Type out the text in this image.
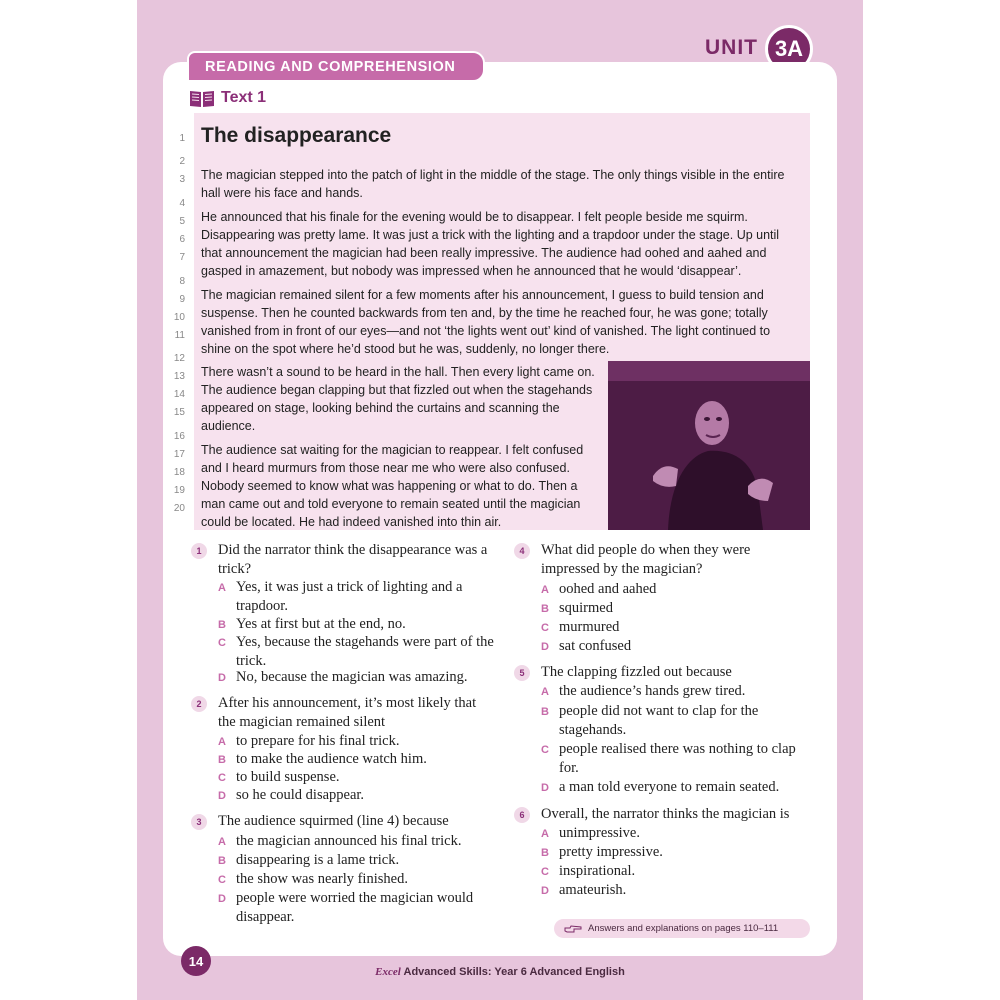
UNIT 3A
READING AND COMPREHENSION
Text 1
1
2
3
4
5
6
7
8
9
10
11
12
13
14
15
16
17
18
19
20
The disappearance

The magician stepped into the patch of light in the middle of the stage. The only things visible in the entire hall were his face and hands.

He announced that his finale for the evening would be to disappear. I felt people beside me squirm. Disappearing was pretty lame. It was just a trick with the lighting and a trapdoor under the stage. Up until that announcement the magician had been really impressive. The audience had oohed and aahed and gasped in amazement, but nobody was impressed when he announced that he would ‘disappear’.

The magician remained silent for a few moments after his announcement, I guess to build tension and suspense. Then he counted backwards from ten and, by the time he reached four, he was gone; totally vanished from in front of our eyes—and not ‘the lights went out’ kind of vanished. The light continued to shine on the spot where he’d stood but he was, suddenly, no longer there.

There wasn’t a sound to be heard in the hall. Then every light came on. The audience began clapping but that fizzled out when the stagehands appeared on stage, looking behind the curtains and scanning the audience.

The audience sat waiting for the magician to reappear. I felt confused and I heard murmurs from those near me who were also confused. Nobody seemed to know what was happening or what to do. Then a man came out and told everyone to remain seated until the magician could be located. He had indeed vanished into thin air.

1	Did the narrator think the disappearance was a trick?
A Yes, it was just a trick of lighting and a trapdoor.
B Yes at first but at the end, no.
C Yes, because the stagehands were part of the trick.
D No, because the magician was amazing.
2	After his announcement, it’s most likely that the magician remained silent
A to prepare for his final trick.
B to make the audience watch him.
C to build suspense.
D so he could disappear.
3	The audience squirmed (line 4) because
A the magician announced his final trick.
B disappearing is a lame trick.
C the show was nearly finished.
D people were worried the magician would disappear.
4	What did people do when they were impressed by the magician?
A oohed and aahed
B squirmed
C murmured
D sat confused
5	The clapping fizzled out because
A the audience’s hands grew tired.
B people did not want to clap for the stagehands.
C people realised there was nothing to clap for.
D a man told everyone to remain seated.
6	Overall, the narrator thinks the magician is
A unimpressive.
B pretty impressive.
C inspirational.
D amateurish.
Answers and explanations on pages 110–111
14
Excel Advanced Skills: Year 6 Advanced English
